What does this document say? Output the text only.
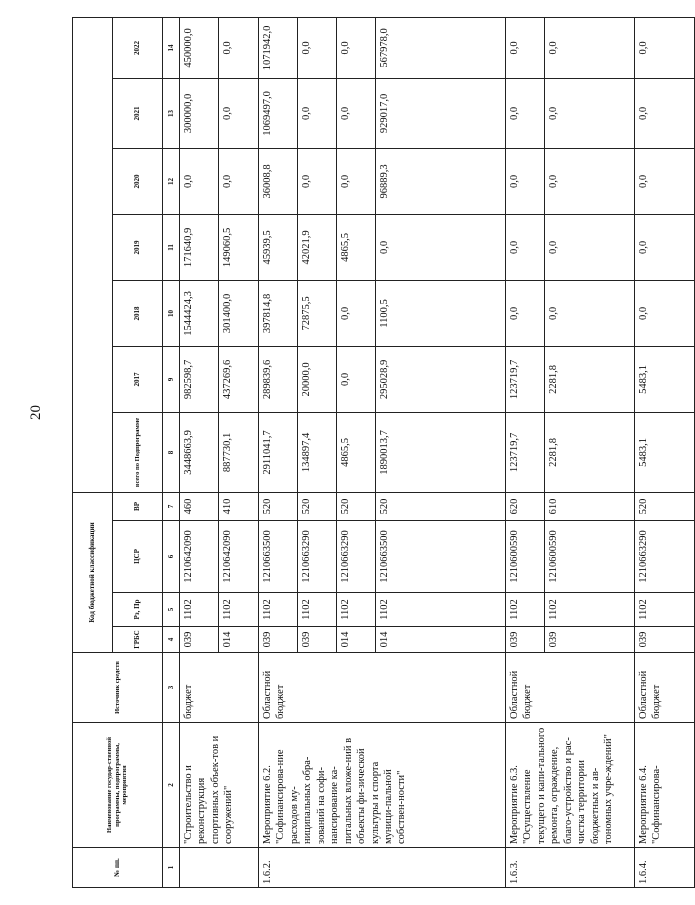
20
№ пп.	Наименование государ-ственной программы, подпрограммы, мероприятия	Источник средств	Код бюджетной классификации										
			ГРБС	Рз, Пр	ЦСР	ВР	всего по Подпрограмме	2017	2018	2019	2020	2021	2022
1	2	3	4	5	6	7	8	9	10	11	12	13	14
	"Строительство и реконструкция спортивных объек-тов и сооружений"	бюджет	039	1102	1210642090	460	3448663,9	982598,7	1544424,3	171640,9	0,0	300000,0	450000,0
			014	1102	1210642090	410	887730,1	437269,6	301400,0	149060,5	0,0	0,0	0,0
1.6.2.	Мероприятие 6.2. "Софинансирова-ние расходов му-ниципальных обра-зований на софи-нансирование ка-питальных вложе-ний в объекты фи-зической культуры и спорта муници-пальной собствен-ности"	Областной бюджет	039	1102	1210663500	520	2911041,7	289839,6	397814,8	45939,5	36008,8	1069497,0	1071942,0
			039	1102	1210663290	520	134897,4	20000,0	72875,5	42021,9	0,0	0,0	0,0
			014	1102	1210663290	520	4865,5	0,0	0,0	4865,5	0,0	0,0	0,0
			014	1102	1210663500	520	1890013,7	295028,9	1100,5	0,0	96889,3	929017,0	567978,0
1.6.3.	Мероприятие 6.3. "Осуществление текущего и капи-тального ремонта, ограждение, благо-устройство и рас-чистка территории бюджетных и ав-тономных учре-ждений"	Областной бюджет	039	1102	1210600590	620	123719,7	123719,7	0,0	0,0	0,0	0,0	0,0
			039	1102	1210600590	610	2281,8	2281,8	0,0	0,0	0,0	0,0	0,0
1.6.4.	Мероприятие 6.4. "Софинансирова-	Областной бюджет	039	1102	1210663290	520	5483,1	5483,1	0,0	0,0	0,0	0,0	0,0
